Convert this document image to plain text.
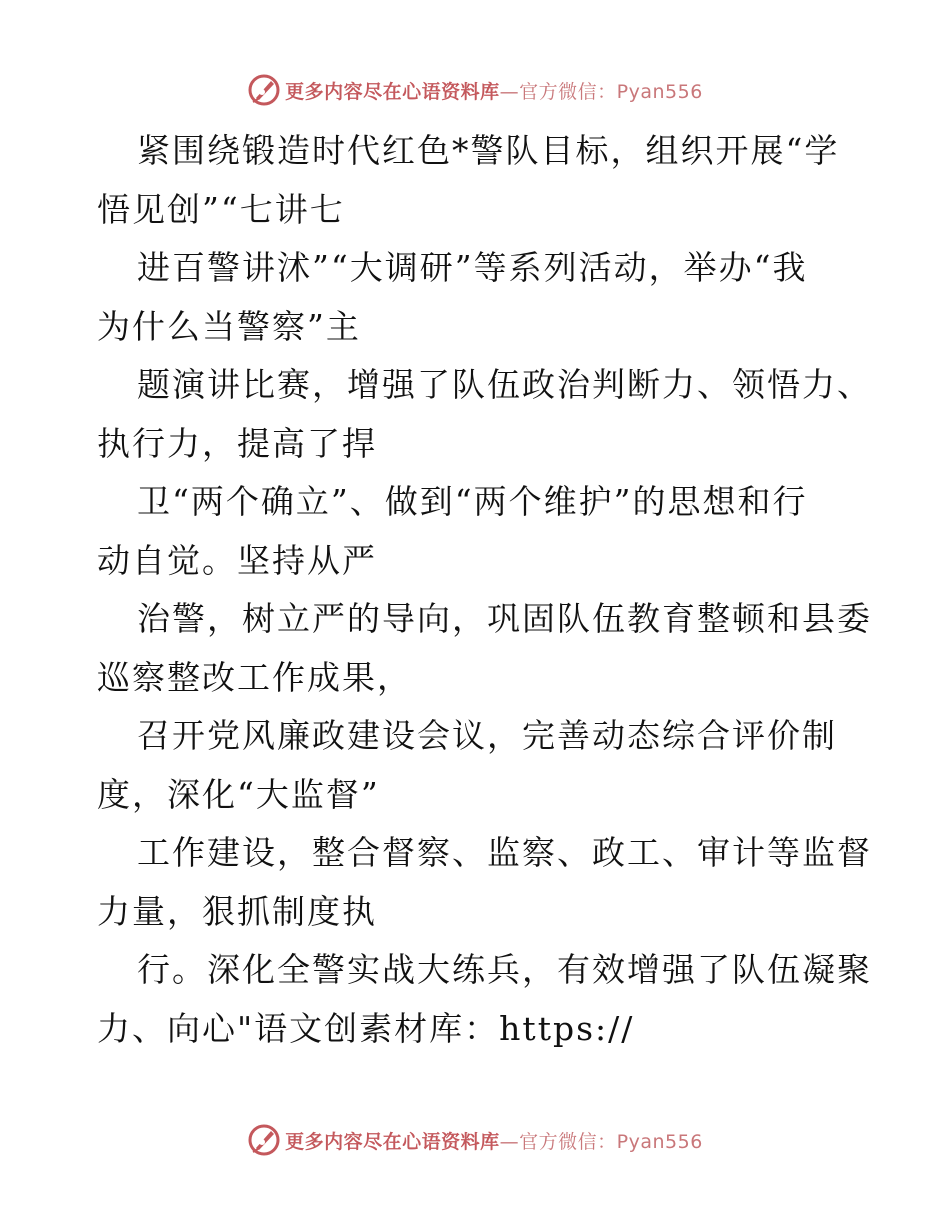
更多内容尽在心语资料库—官方微信：Pyan556
紧围绕锻造时代红色*警队目标，组织开展“学
悟见创”“七讲七
进百警讲沭”“大调研”等系列活动，举办“我
为什么当警察”主
题演讲比赛，增强了队伍政治判断力、领悟力、
执行力，提高了捍
卫“两个确立”、做到“两个维护”的思想和行
动自觉。坚持从严
治警，树立严的导向，巩固队伍教育整顿和县委
巡察整改工作成果，
召开党风廉政建设会议，完善动态综合评价制
度，深化“大监督”
工作建设，整合督察、监察、政工、审计等监督
力量，狠抓制度执
行。深化全警实战大练兵，有效增强了队伍凝聚
力、向心"语文创素材库：https://
更多内容尽在心语资料库—官方微信：Pyan556
